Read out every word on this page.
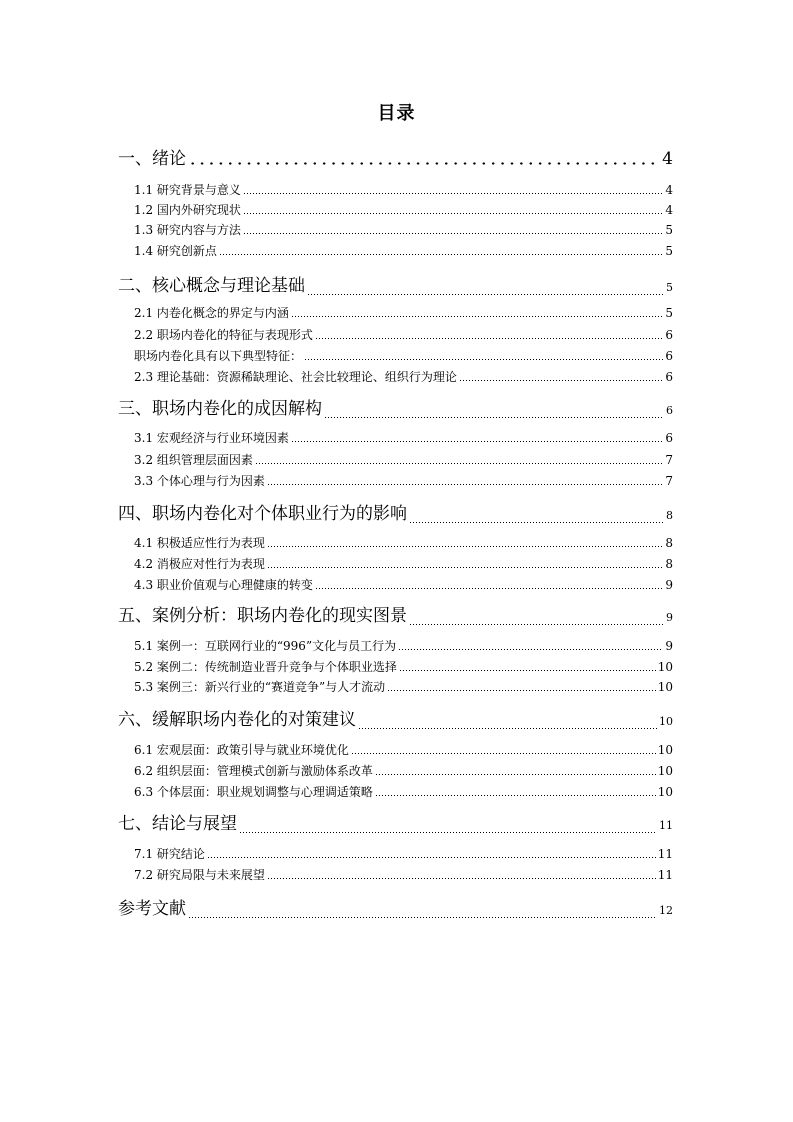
目录
一、绪论	4
1.1 研究背景与意义	4
1.2 国内外研究现状	4
1.3 研究内容与方法	5
1.4 研究创新点	5
二、核心概念与理论基础	5
2.1 内卷化概念的界定与内涵	5
2.2 职场内卷化的特征与表现形式	6
职场内卷化具有以下典型特征：	6
2.3 理论基础：资源稀缺理论、社会比较理论、组织行为理论	6
三、职场内卷化的成因解构	6
3.1 宏观经济与行业环境因素	6
3.2 组织管理层面因素	7
3.3 个体心理与行为因素	7
四、职场内卷化对个体职业行为的影响	8
4.1 积极适应性行为表现	8
4.2 消极应对性行为表现	8
4.3 职业价值观与心理健康的转变	9
五、案例分析：职场内卷化的现实图景	9
5.1 案例一：互联网行业的“996”文化与员工行为	9
5.2 案例二：传统制造业晋升竞争与个体职业选择	10
5.3 案例三：新兴行业的“赛道竞争”与人才流动	10
六、缓解职场内卷化的对策建议	10
6.1 宏观层面：政策引导与就业环境优化	10
6.2 组织层面：管理模式创新与激励体系改革	10
6.3 个体层面：职业规划调整与心理调适策略	10
七、结论与展望	11
7.1 研究结论	11
7.2 研究局限与未来展望	11
参考文献	12
